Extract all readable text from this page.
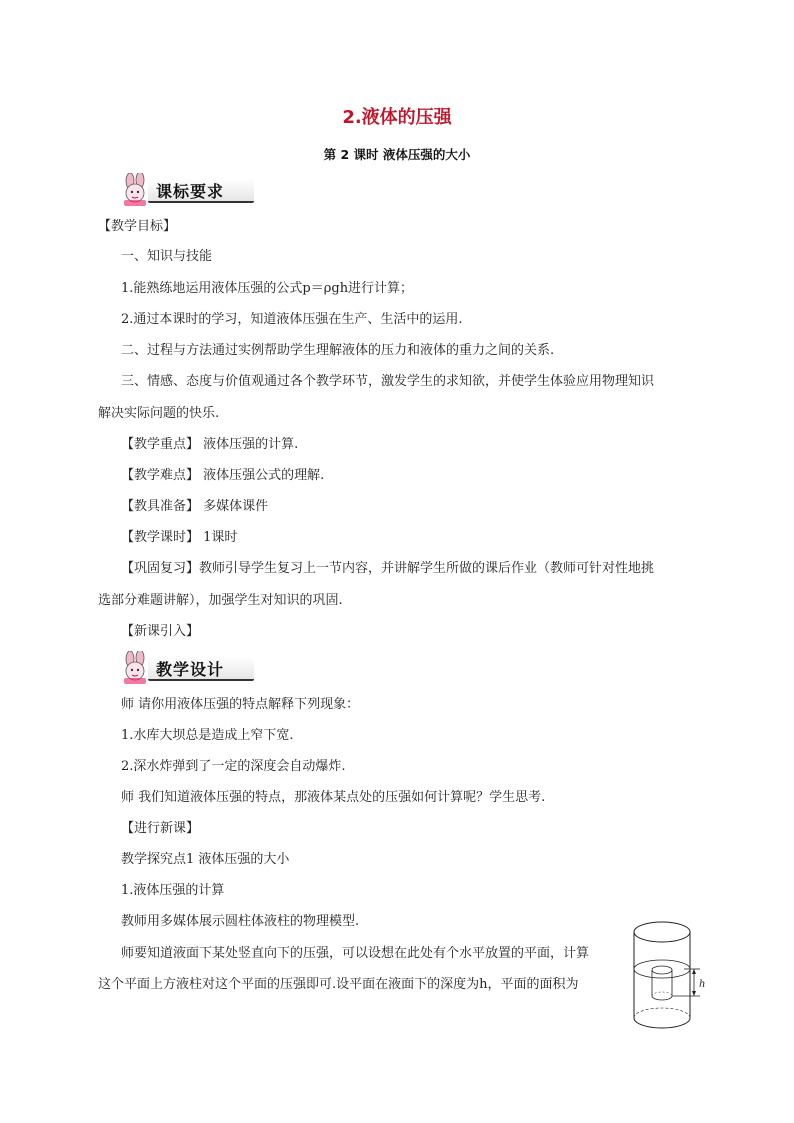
2.液体的压强
第 2 课时 液体压强的大小
课标要求
【教学目标】
一、知识与技能
1.能熟练地运用液体压强的公式p＝ρgh进行计算；
2.通过本课时的学习，知道液体压强在生产、生活中的运用.
二、过程与方法通过实例帮助学生理解液体的压力和液体的重力之间的关系.
三、情感、态度与价值观通过各个教学环节，激发学生的求知欲，并使学生体验应用物理知识
解决实际问题的快乐.
【教学重点】 液体压强的计算.
【教学难点】 液体压强公式的理解.
【教具准备】 多媒体课件
【教学课时】 1课时
【巩固复习】教师引导学生复习上一节内容，并讲解学生所做的课后作业（教师可针对性地挑
选部分难题讲解），加强学生对知识的巩固.
【新课引入】
教学设计
师 请你用液体压强的特点解释下列现象：
1.水库大坝总是造成上窄下宽.
2.深水炸弹到了一定的深度会自动爆炸.
师 我们知道液体压强的特点，那液体某点处的压强如何计算呢？学生思考.
【进行新课】
教学探究点1 液体压强的大小
1.液体压强的计算
教师用多媒体展示圆柱体液柱的物理模型.
师要知道液面下某处竖直向下的压强，可以设想在此处有个水平放置的平面，计算
这个平面上方液柱对这个平面的压强即可.设平面在液面下的深度为h，平面的面积为	h
